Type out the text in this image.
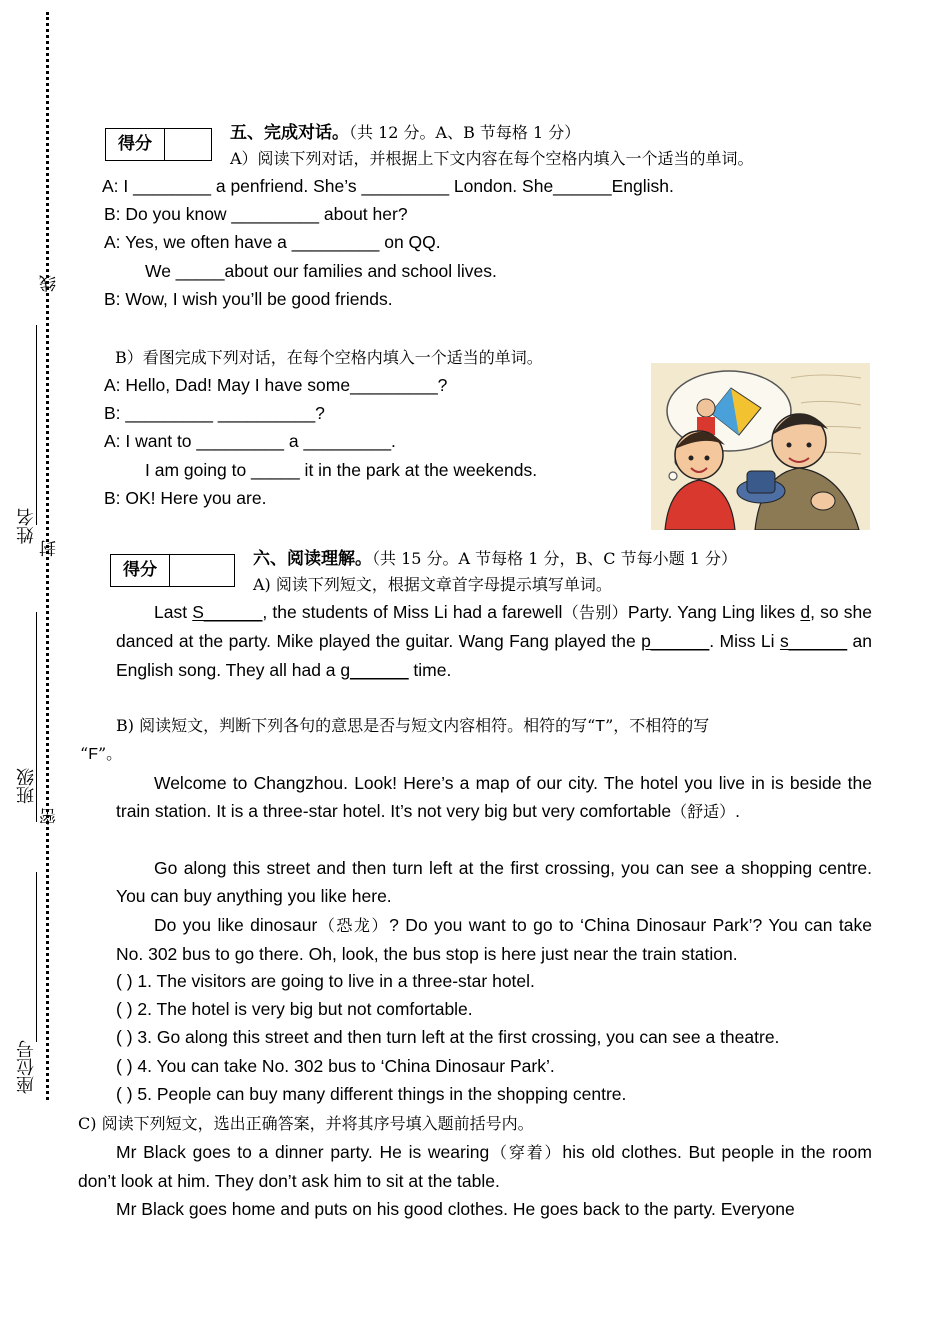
姓名
班级
座位号
线
封
密
得分
五、完成对话。（共 12 分。A、B 节每格 1 分）
A）阅读下列对话，并根据上下文内容在每个空格内填入一个适当的单词。
A: I ________ a penfriend. She’s _________ London. She______English.
B: Do you know _________ about her?
A: Yes, we often have a _________ on QQ.
We _____about our families and school lives.
B: Wow, I wish you’ll be good friends.
B）看图完成下列对话，在每个空格内填入一个适当的单词。
A: Hello, Dad! May I have some_________?
B: _________ __________?
A: I want to _________ a _________.
I am going to _____ it in the park at the weekends.
B: OK! Here you are.
得分
六、阅读理解。（共 15 分。A 节每格 1 分，B、C 节每小题 1 分）
A) 阅读下列短文，根据文章首字母提示填写单词。
Last S______, the students of Miss Li had a farewell（告别）Party. Yang Ling likes d, so she danced at the party. Mike played the guitar. Wang Fang played the p______. Miss Li s______ an English song. They all had a g______ time.
B) 阅读短文，判断下列各句的意思是否与短文内容相符。相符的写“T”，不相符的写
“F”。
Welcome to Changzhou. Look! Here’s a map of our city. The hotel you live in is beside the train station. It is a three-star hotel. It’s not very big but very comfortable（舒适）.
Go along this street and then turn left at the first crossing, you can see a shopping centre. You can buy anything you like here.
Do you like dinosaur（恐龙）? Do you want to go to ‘China Dinosaur Park’? You can take No. 302 bus to go there. Oh, look, the bus stop is here just near the train station.
( ) 1. The visitors are going to live in a three-star hotel.
( ) 2. The hotel is very big but not comfortable.
( ) 3. Go along this street and then turn left at the first crossing, you can see a theatre.
( ) 4. You can take No. 302 bus to ‘China Dinosaur Park’.
( ) 5. People can buy many different things in the shopping centre.
C) 阅读下列短文，选出正确答案，并将其序号填入题前括号内。
Mr Black goes to a dinner party. He is wearing（穿着）his old clothes. But people in the room don’t look at him. They don’t ask him to sit at the table.
Mr Black goes home and puts on his good clothes. He goes back to the party. Everyone
